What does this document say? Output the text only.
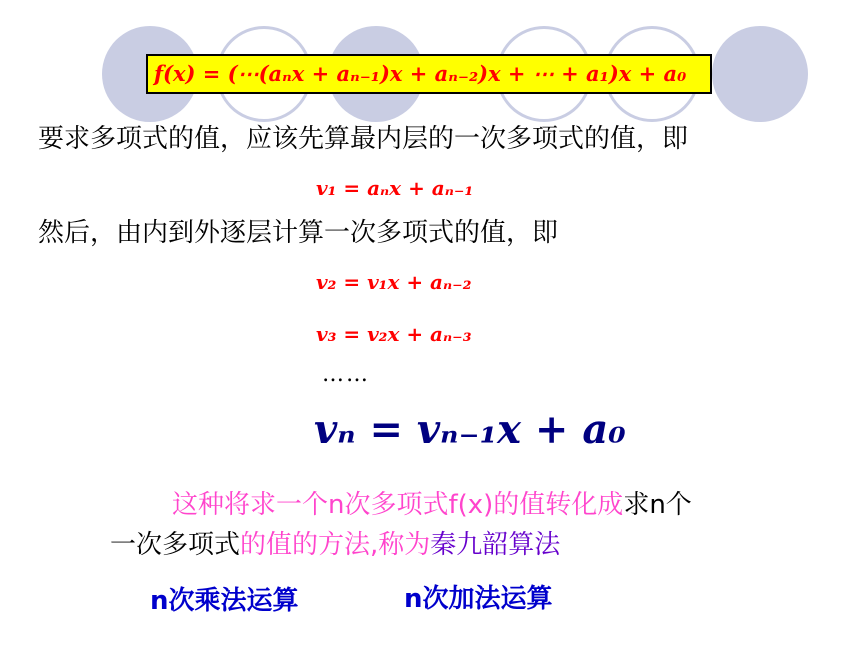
f(x) = (⋯(aₙx + aₙ₋₁)x + aₙ₋₂)x + ⋯ + a₁)x + a₀
要求多项式的值，应该先算最内层的一次多项式的值，即
v₁ = aₙx + aₙ₋₁
然后，由内到外逐层计算一次多项式的值，即
v₂ = v₁x + aₙ₋₂
v₃ = v₂x + aₙ₋₃
……
vₙ = vₙ₋₁x + a₀
这种将求一个n次多项式f(x)的值转化成求n个
一次多项式的值的方法,称为秦九韶算法
n次乘法运算	n次加法运算
